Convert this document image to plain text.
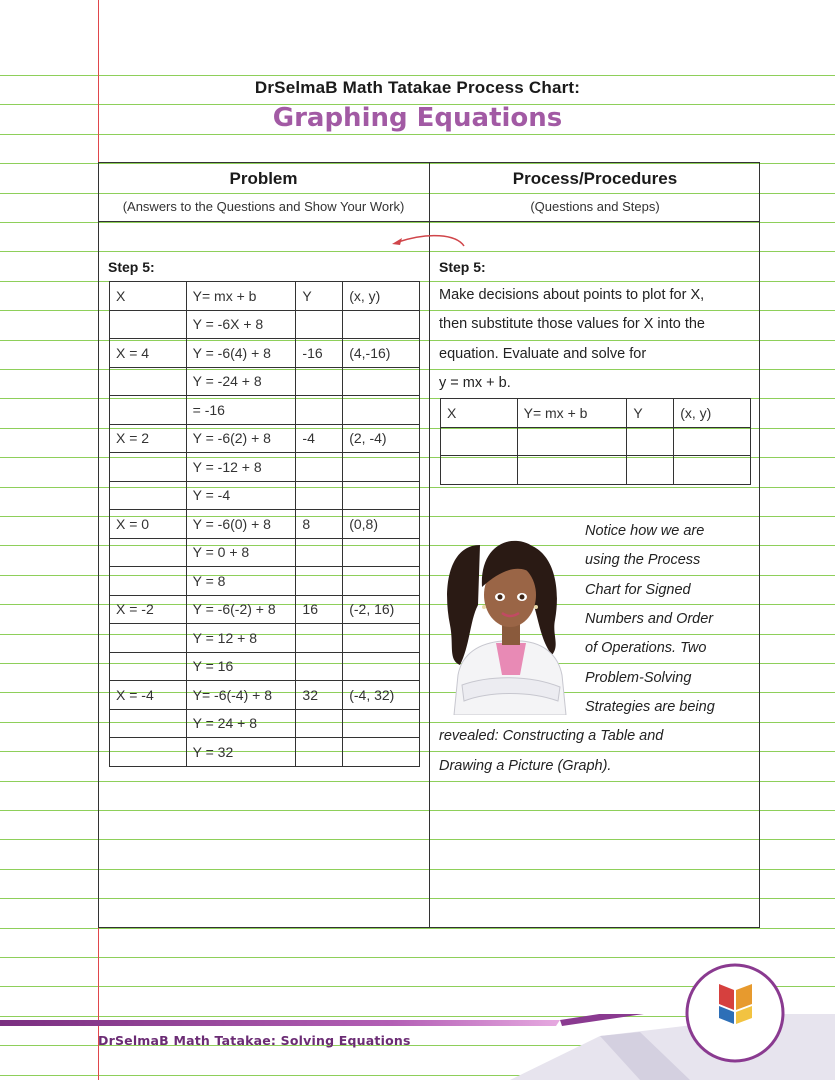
DrSelmaB Math Tatakae Process Chart:
Graphing Equations
Problem
(Answers to the Questions and Show Your Work)
Process/Procedures
(Questions and Steps)
Step 5:
X	Y= mx + b	Y	(x, y)
	Y = -6X + 8		
X = 4	Y = -6(4) + 8	-16	(4,-16)
	Y = -24 + 8		
	= -16		
X = 2	Y = -6(2) + 8	-4	(2, -4)
	Y = -12 + 8		
	Y = -4		
X = 0	Y = -6(0) + 8	8	(0,8)
	Y = 0 + 8		
	Y = 8		
X = -2	Y = -6(-2) + 8	16	(-2, 16)
	Y = 12 + 8		
	Y = 16		
X = -4	Y= -6(-4) + 8	32	(-4, 32)
	Y = 24 + 8		
	Y = 32		
Step 5:
Make decisions about points to plot for X,
then substitute those values for X into the
equation. Evaluate and solve for
y = mx + b.
X	Y= mx + b	Y	(x, y)

Notice how we are
using the Process
Chart for Signed
Numbers and Order
of Operations. Two
Problem-Solving
Strategies are being
revealed: Constructing a Table and
Drawing a Picture (Graph).
DrSelmaB Math Tatakae: Solving Equations
